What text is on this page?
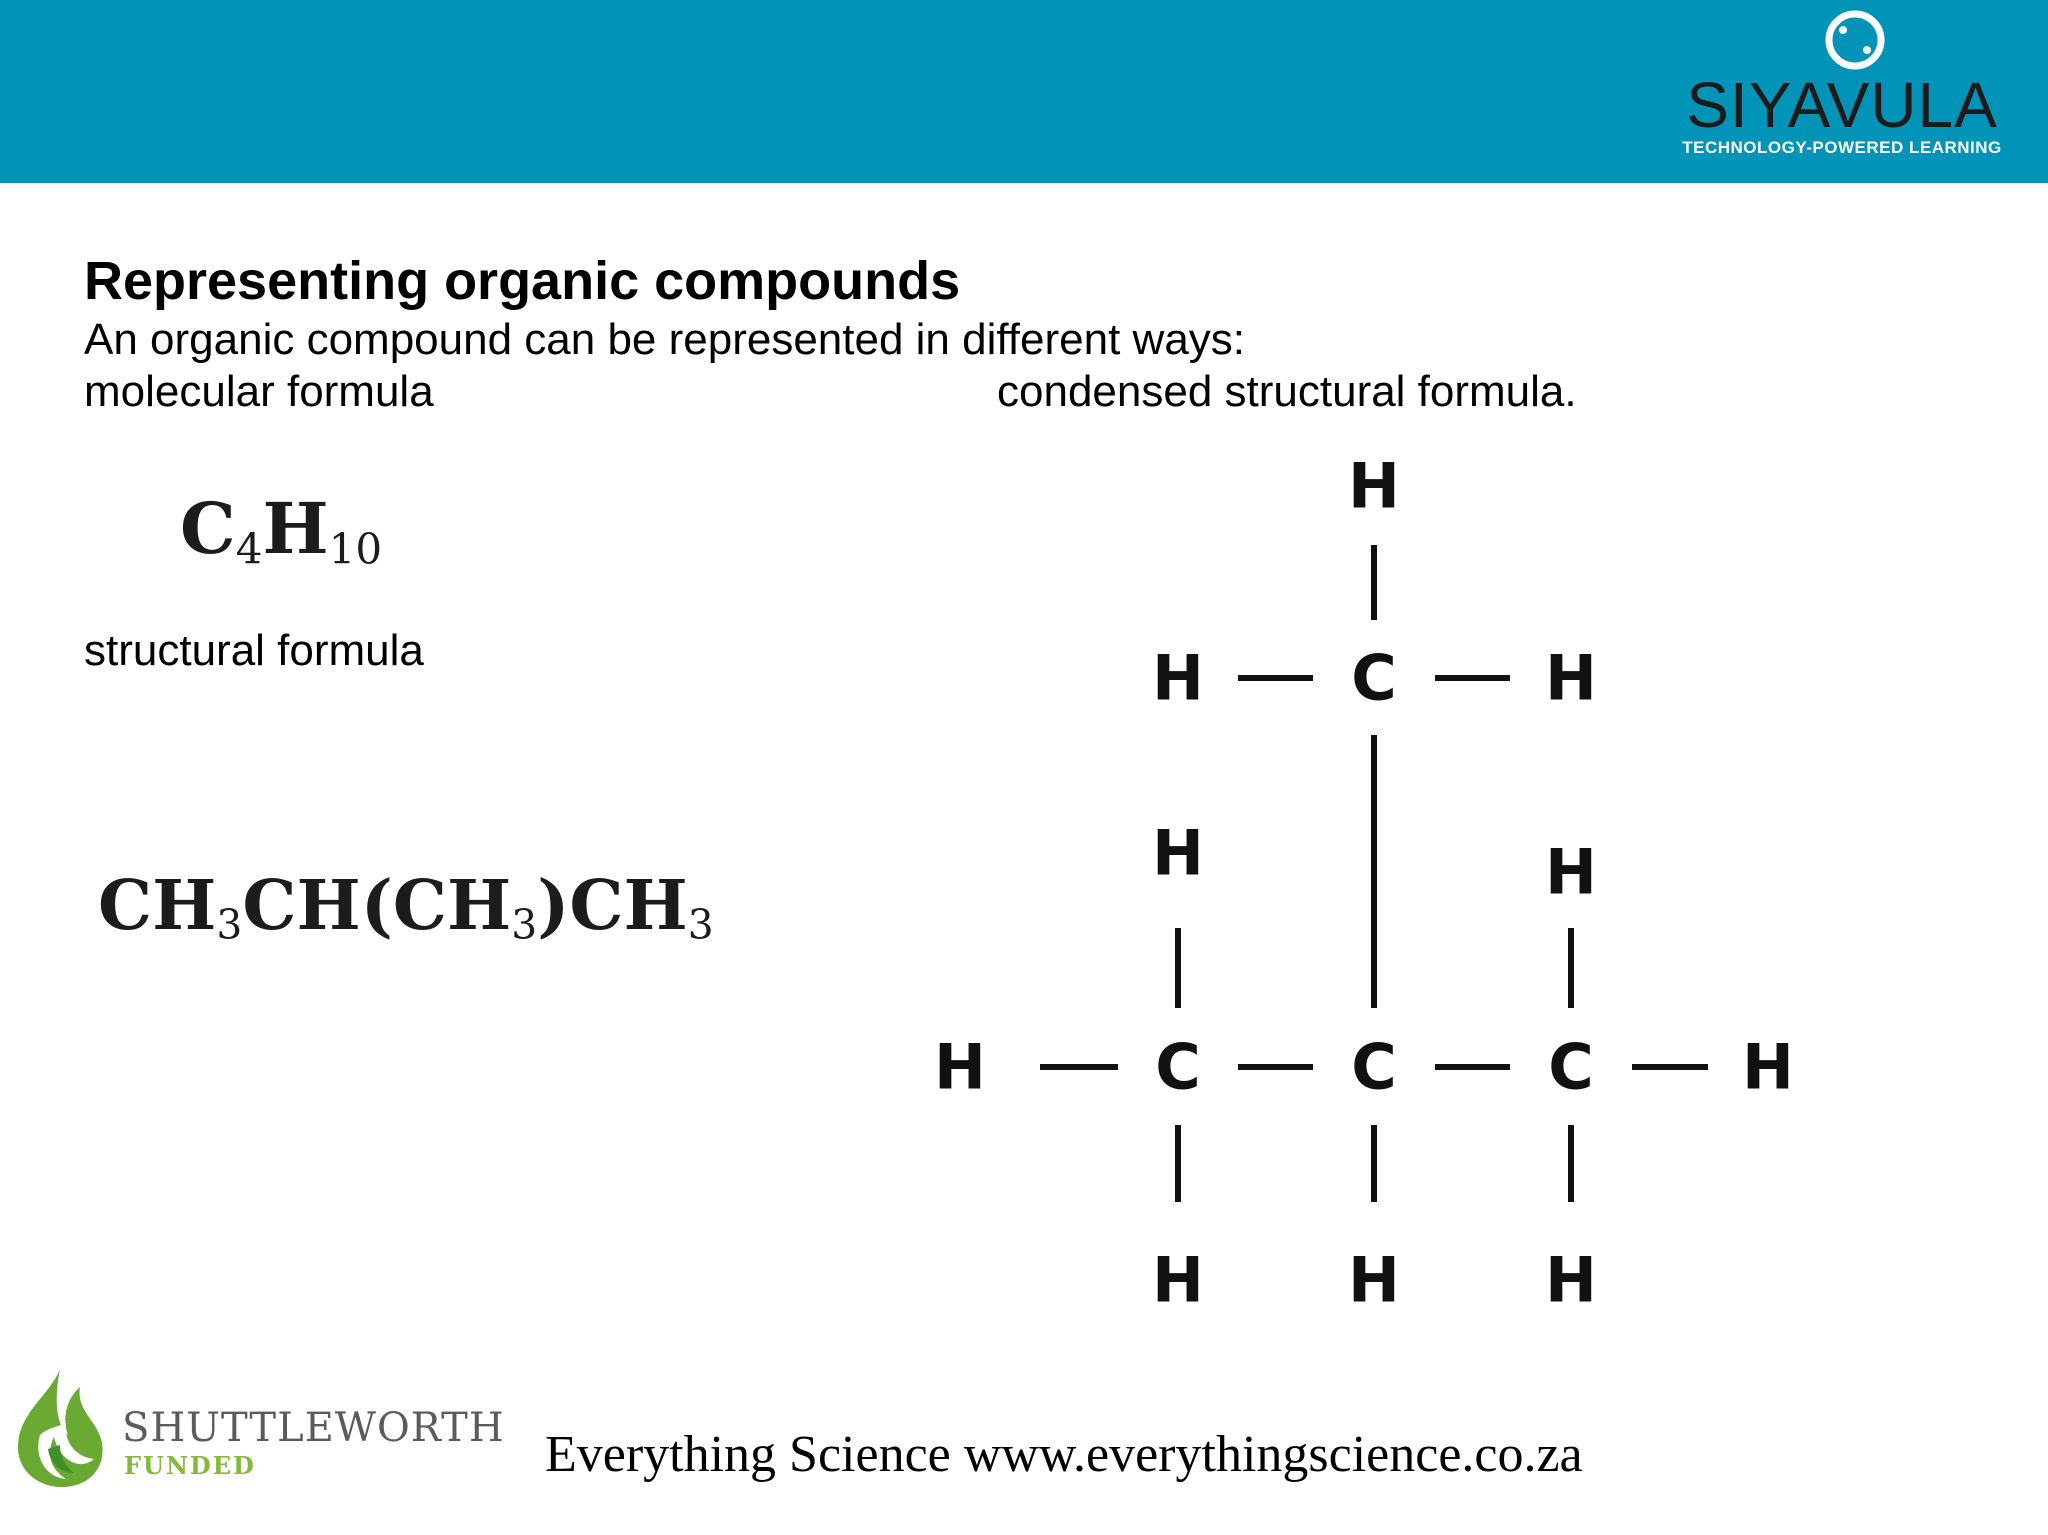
SIYAVULA
TECHNOLOGY-POWERED LEARNING
Representing organic compounds
An organic compound can be represented in different ways:
molecular formula	condensed structural formula.
structural formula
$C_4H_{10}$
$CH_3CH(CH_3)CH_3$
H
H C H
H	H
H	C C C H
H H H
SHUTTLEWORTH
FUNDED	Everything Science www.everythingscience.co.za
